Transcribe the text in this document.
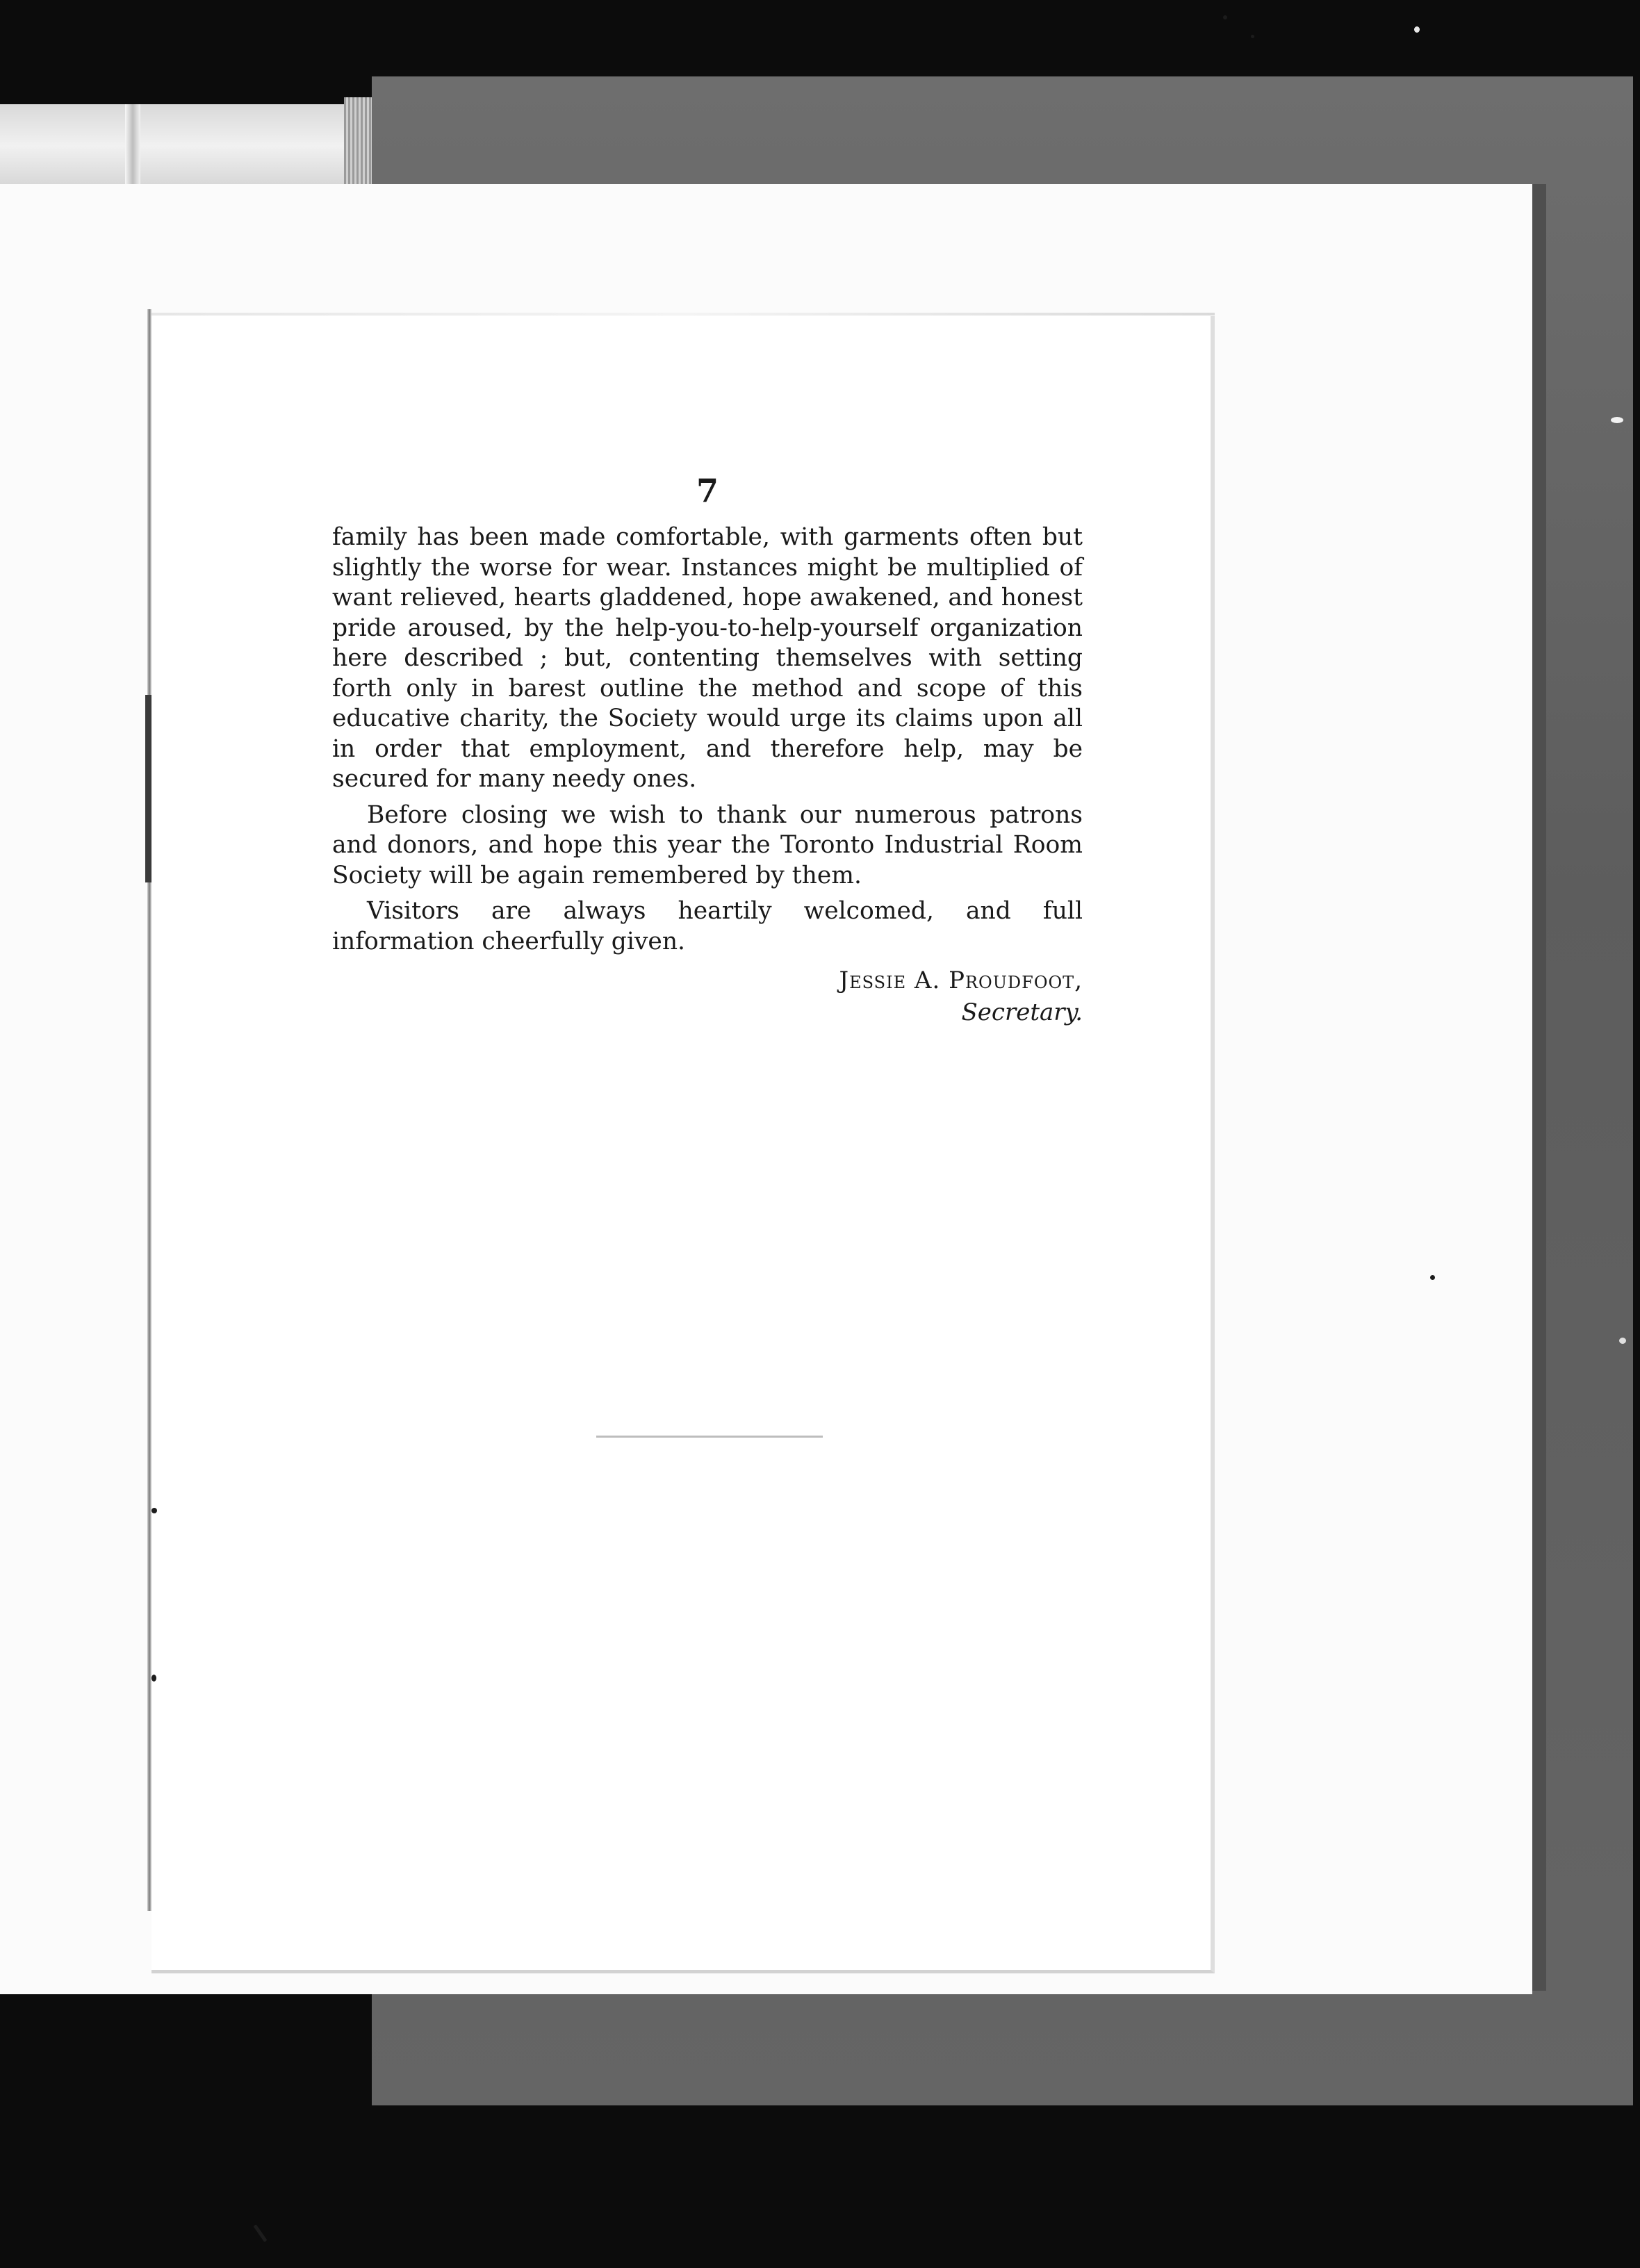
7

family has been made comfortable, with garments often but slightly the worse for wear. Instances might be multiplied of want relieved, hearts gladdened, hope awakened, and honest pride aroused, by the help-you-to-help-yourself organization here described ; but, contenting themselves with setting forth only in barest outline the method and scope of this educative charity, the Society would urge its claims upon all in order that employment, and therefore help, may be secured for many needy ones.

Before closing we wish to thank our numerous patrons and donors, and hope this year the Toronto Industrial Room Society will be again remembered by them.

Visitors are always heartily welcomed, and full information cheerfully given.

Jessie A. Proudfoot,
Secretary.
